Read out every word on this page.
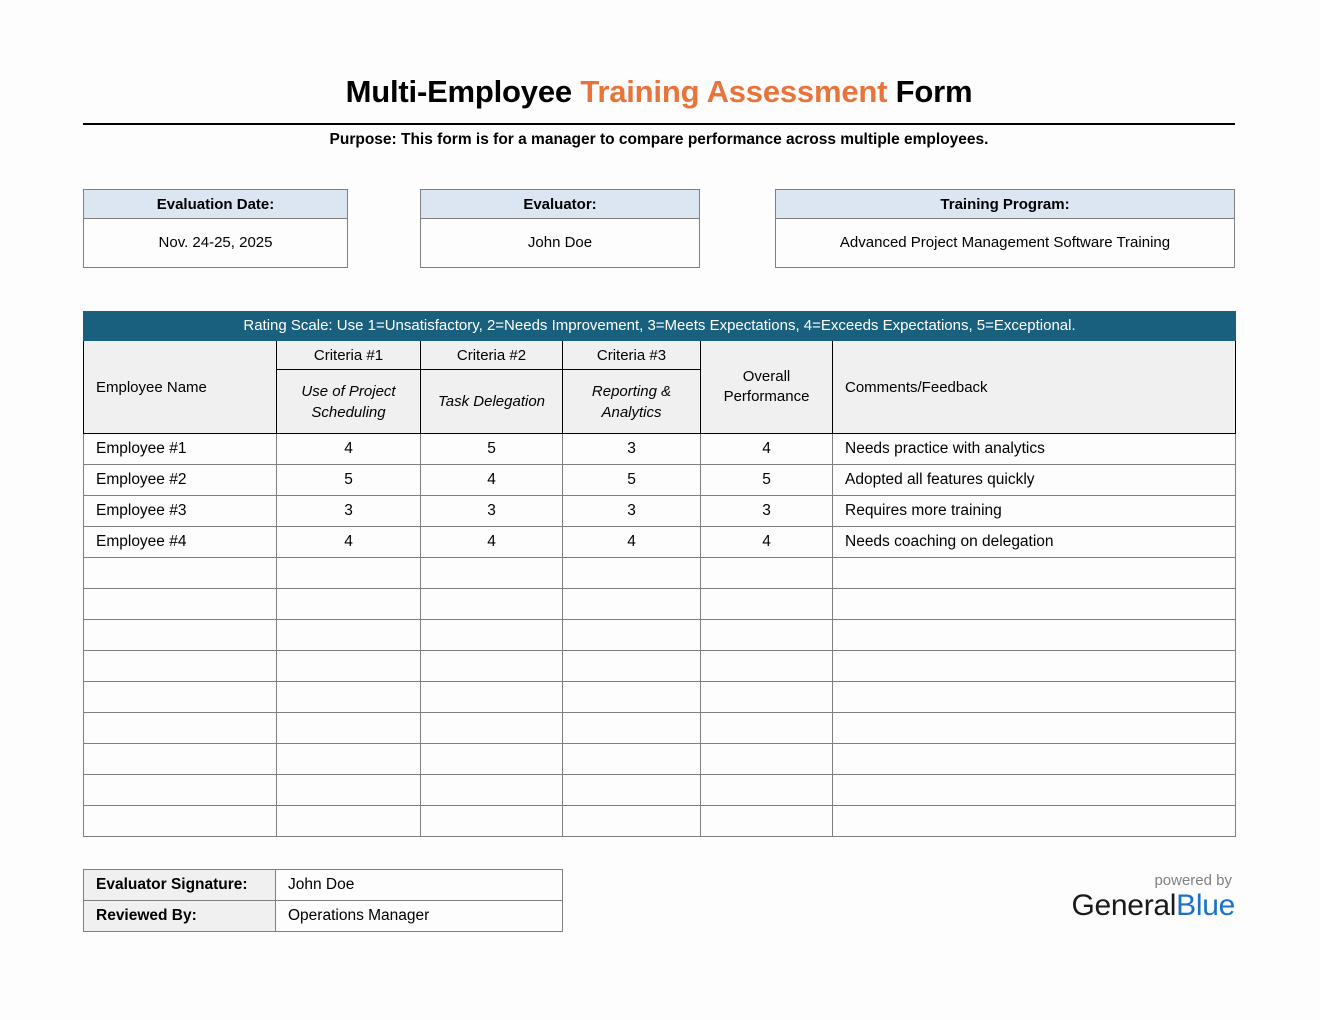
Multi-Employee Training Assessment Form
Purpose: This form is for a manager to compare performance across multiple employees.
Evaluation Date:
Nov. 24-25, 2025
Evaluator:
John Doe
Training Program:
Advanced Project Management Software Training
Rating Scale: Use 1=Unsatisfactory, 2=Needs Improvement, 3=Meets Expectations, 4=Exceeds Expectations, 5=Exceptional.					
Employee Name	Criteria #1	Criteria #2	Criteria #3	Overall Performance	Comments/Feedback
	Use of Project Scheduling	Task Delegation	Reporting & Analytics		
Employee #1	4	5	3	4	Needs practice with analytics
Employee #2	5	4	5	5	Adopted all features quickly
Employee #3	3	3	3	3	Requires more training
Employee #4	4	4	4	4	Needs coaching on delegation

Evaluator Signature:	John Doe
Reviewed By:	Operations Manager
powered by
GeneralBlue
